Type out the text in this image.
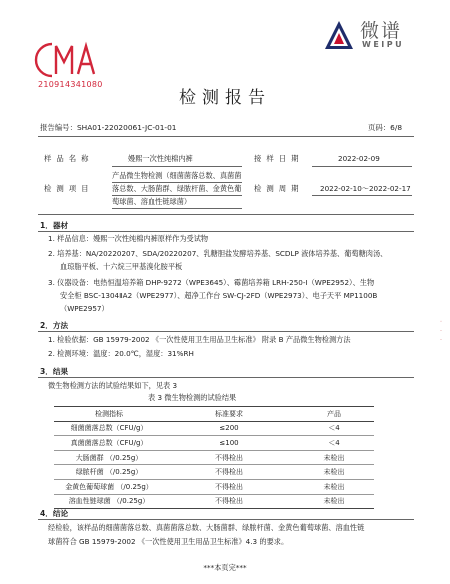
210914341080
微谱
WEIPU
检测报告
报告编号：SHA01-22020061-JC-01-01	页码：6/8
样品名称	嫚熙一次性纯棉内裤	接样日期	2022-02-09
检测项目
产品微生物检测（细菌菌落总数、真菌菌
落总数、大肠菌群、绿脓杆菌、金黄色葡
萄球菌、溶血性链球菌）
检测周期 2022-02-10～2022-02-17
1．器材
1. 样品信息：嫚熙一次性纯棉内裤原样作为受试物
2. 培养基：NA/20220207、SDA/20220207、乳糖胆盐发酵培养基、SCDLP 液体培养基、葡萄糖肉汤、
血琼脂平板、十六烷三甲基溴化胺平板
3. 仪器设备：电热恒温培养箱 DHP-9272（WPE3645）、霉菌培养箱 LRH-250-Ⅰ（WPE2952）、生物
安全柜 BSC-1304ⅡA2（WPE2977）、超净工作台 SW-CJ-2FD（WPE2973）、电子天平 MP1100B
（WPE2957）
2．方法
1. 检验依据：GB 15979-2002 《一次性使用卫生用品卫生标准》 附录 B 产品微生物检测方法
2. 检测环境：温度：20.0℃，湿度：31%RH
3．结果
微生物检测方法的试验结果如下，见表 3
表 3 微生物检测的试验结果
检测指标	标准要求	产品
细菌菌落总数（CFU/g）	≤200	＜4
真菌菌落总数（CFU/g）	≤100	＜4
大肠菌群 （/0.25g）	不得检出	未检出
绿脓杆菌 （/0.25g）	不得检出	未检出
金黄色葡萄球菌 （/0.25g）	不得检出	未检出
溶血性链球菌 （/0.25g）	不得检出	未检出
4．结论
经检验，该样品的细菌菌落总数、真菌菌落总数、大肠菌群、绿脓杆菌、金黄色葡萄球菌、溶血性链
球菌符合 GB 15979-2002 《一次性使用卫生用品卫生标准》4.3 的要求。
***本页完***
· · ·
